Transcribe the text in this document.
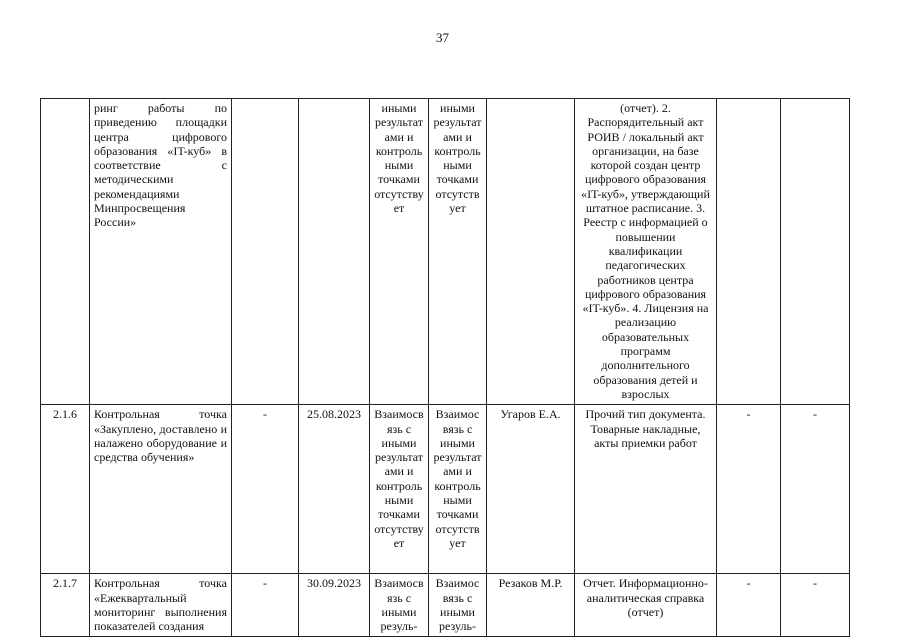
37
	ринг работы по приведению площадки центра цифрового образования «IT-куб» в соответствие с методическими рекомендациями Минпросвещения России»			иными результатами и контрольными точками отсутствует	иными результатами и контрольными точками отсутствует		(отчет). 2. Распорядительный акт РОИВ / локальный акт организации, на базе которой создан центр цифрового образования «IT-куб», утверждающий штатное расписание. 3. Реестр с информацией о повышении квалификации педагогических работников центра цифрового образования «IT-куб». 4. Лицензия на реализацию образовательных программ дополнительного образования детей и взрослых		
2.1.6	Контрольная точка «Закуплено, доставлено и налажено оборудование и средства обучения»	-	25.08.2023	Взаимосвязь с иными результатами и контрольными точками отсутствует	Взаимосвязь с иными результатами и контрольными точками отсутствует	Угаров Е.А.	Прочий тип документа. Товарные накладные, акты приемки работ	-	-
2.1.7	Контрольная точка «Ежеквартальный мониторинг выполнения показателей создания	-	30.09.2023	Взаимосвязь с иными резуль-	Взаимосвязь с иными резуль-	Резаков М.Р.	Отчет. Информационно-аналитическая справка (отчет)	-	-
